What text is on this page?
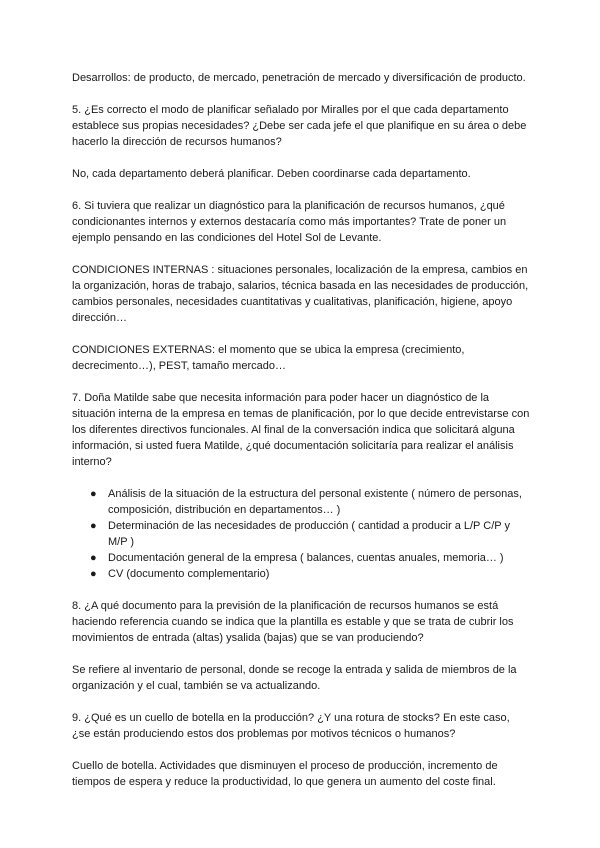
Desarrollos: de producto, de mercado, penetración de mercado y diversificación de producto.

5. ¿Es correcto el modo de planificar señalado por Miralles por el que cada departamento establece sus propias necesidades? ¿Debe ser cada jefe el que planifique en su área o debe hacerlo la dirección de recursos humanos?

No, cada departamento deberá planificar. Deben coordinarse cada departamento.

6. Si tuviera que realizar un diagnóstico para la planificación de recursos humanos, ¿qué condicionantes internos y externos destacaría como más importantes? Trate de poner un ejemplo pensando en las condiciones del Hotel Sol de Levante.

CONDICIONES INTERNAS : situaciones personales, localización de la empresa, cambios en la organización, horas de trabajo, salarios, técnica basada en las necesidades de producción, cambios personales, necesidades cuantitativas y cualitativas, planificación, higiene, apoyo dirección…

CONDICIONES EXTERNAS: el momento que se ubica la empresa (crecimiento, decrecimento…), PEST, tamaño mercado…

7. Doña Matilde sabe que necesita información para poder hacer un diagnóstico de la situación interna de la empresa en temas de planificación, por lo que decide entrevistarse con los diferentes directivos funcionales. Al final de la conversación indica que solicitará alguna información, si usted fuera Matilde, ¿qué documentación solicitaría para realizar el análisis interno?

● Análisis de la situación de la estructura del personal existente ( número de personas, composición, distribución en departamentos… )
● Determinación de las necesidades de producción ( cantidad a producir a L/P C/P y M/P )
● Documentación general de la empresa ( balances, cuentas anuales, memoria… )
● CV (documento complementario)

8. ¿A qué documento para la previsión de la planificación de recursos humanos se está haciendo referencia cuando se indica que la plantilla es estable y que se trata de cubrir los movimientos de entrada (altas) ysalida (bajas) que se van produciendo?

Se refiere al inventario de personal, donde se recoge la entrada y salida de miembros de la organización y el cual, también se va actualizando.

9. ¿Qué es un cuello de botella en la producción? ¿Y una rotura de stocks? En este caso, ¿se están produciendo estos dos problemas por motivos técnicos o humanos?

Cuello de botella. Actividades que disminuyen el proceso de producción, incremento de tiempos de espera y reduce la productividad, lo que genera un aumento del coste final.
